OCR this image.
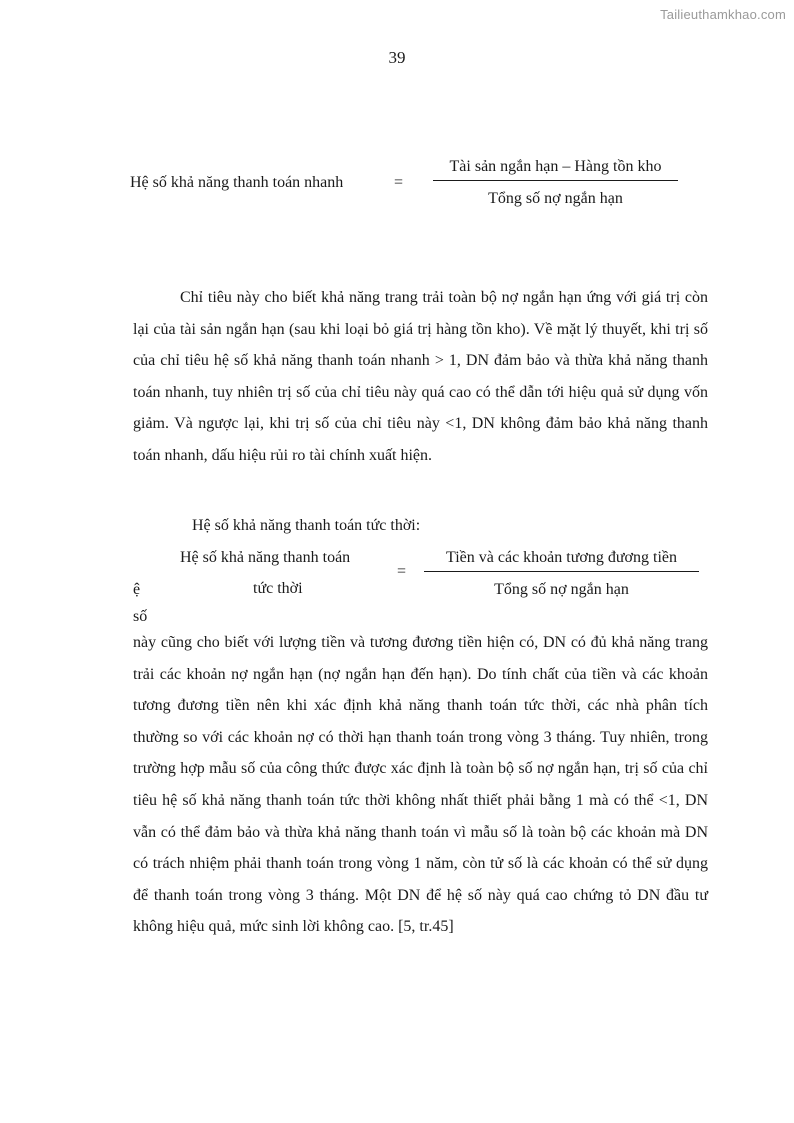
Tailieuthamkhao.com
39
Hệ số khả năng thanh toán nhanh	=
Tài sản ngắn hạn – Hàng tồn kho
Tổng số nợ ngắn hạn

Chỉ tiêu này cho biết khả năng trang trải toàn bộ nợ ngắn hạn ứng với giá trị còn lại của tài sản ngắn hạn (sau khi loại bỏ giá trị hàng tồn kho). Về mặt lý thuyết, khi trị số của chỉ tiêu hệ số khả năng thanh toán nhanh > 1, DN đảm bảo và thừa khả năng thanh toán nhanh, tuy nhiên trị số của chỉ tiêu này quá cao có thể dẫn tới hiệu quả sử dụng vốn giảm. Và ngược lại, khi trị số của chỉ tiêu này <1, DN không đảm bảo khả năng thanh toán nhanh, dấu hiệu rủi ro tài chính xuất hiện.

Hệ số khả năng thanh toán tức thời:

Hệ số khả năng thanh toán
tức thời
=
Tiền và các khoản tương đương tiền
Tổng số nợ ngắn hạn
ệ
số

này cũng cho biết với lượng tiền và tương đương tiền hiện có, DN có đủ khả năng trang trải các khoản nợ ngắn hạn (nợ ngắn hạn đến hạn). Do tính chất của tiền và các khoản tương đương tiền nên khi xác định khả năng thanh toán tức thời, các nhà phân tích thường so với các khoản nợ có thời hạn thanh toán trong vòng 3 tháng. Tuy nhiên, trong trường hợp mẫu số của công thức được xác định là toàn bộ số nợ ngắn hạn, trị số của chỉ tiêu hệ số khả năng thanh toán tức thời không nhất thiết phải bằng 1 mà có thể <1, DN vẫn có thể đảm bảo và thừa khả năng thanh toán vì mẫu số là toàn bộ các khoản mà DN có trách nhiệm phải thanh toán trong vòng 1 năm, còn tử số là các khoản có thể sử dụng để thanh toán trong vòng 3 tháng. Một DN để hệ số này quá cao chứng tỏ DN đầu tư không hiệu quả, mức sinh lời không cao. [5, tr.45]
